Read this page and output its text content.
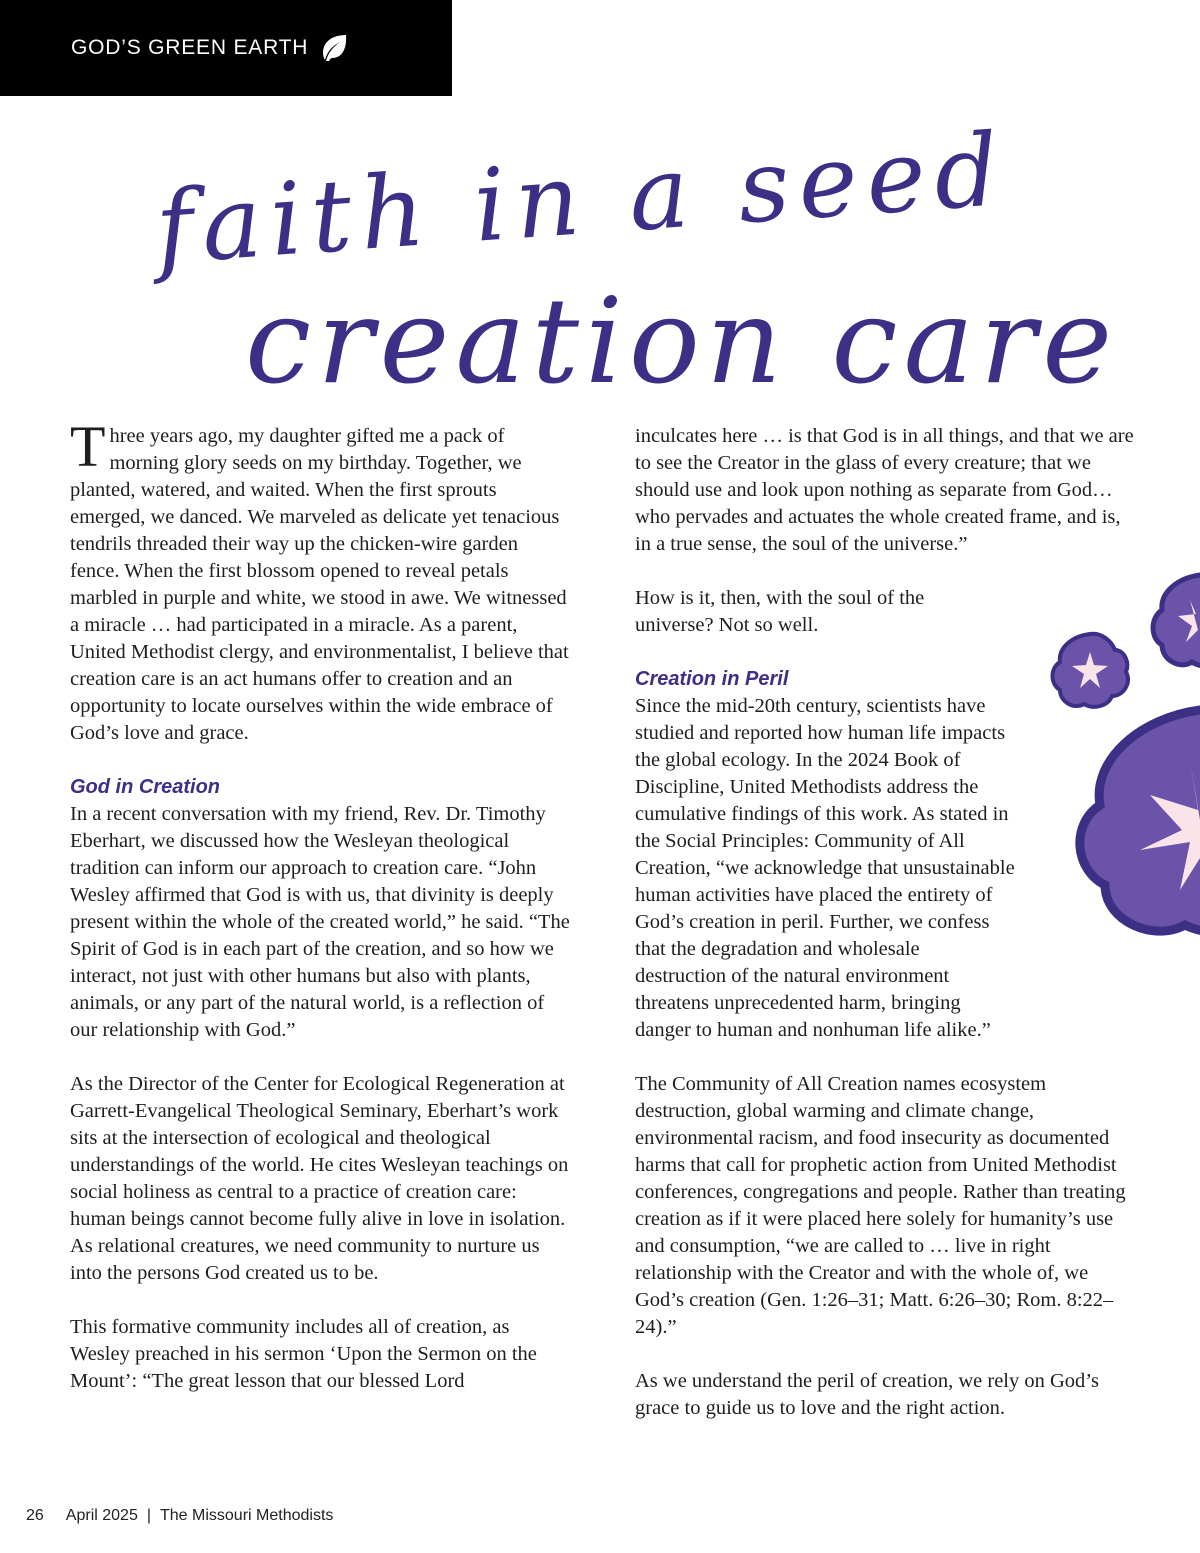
GOD’S GREEN EARTH
faith in a seed
creation care

Three years ago, my daughter gifted me a pack of morning glory seeds on my birthday. Together, we planted, watered, and waited. When the first sprouts emerged, we danced. We marveled as delicate yet tenacious tendrils threaded their way up the chicken-wire garden fence. When the first blossom opened to reveal petals marbled in purple and white, we stood in awe. We witnessed a miracle … had participated in a miracle. As a parent, United Methodist clergy, and environmentalist, I believe that creation care is an act humans offer to creation and an opportunity to locate ourselves within the wide embrace of God’s love and grace.

God in Creation

In a recent conversation with my friend, Rev. Dr. Timothy Eberhart, we discussed how the Wesleyan theological tradition can inform our approach to creation care. “John Wesley affirmed that God is with us, that divinity is deeply present within the whole of the created world,” he said. “The Spirit of God is in each part of the creation, and so how we interact, not just with other humans but also with plants, animals, or any part of the natural world, is a reflection of our relationship with God.”

As the Director of the Center for Ecological Regeneration at Garrett-Evangelical Theological Seminary, Eberhart’s work sits at the intersection of ecological and theological understandings of the world. He cites Wesleyan teachings on social holiness as central to a practice of creation care: human beings cannot become fully alive in love in isolation. As relational creatures, we need community to nurture us into the persons God created us to be.

This formative community includes all of creation, as Wesley preached in his sermon ‘Upon the Sermon on the Mount’: “The great lesson that our blessed Lord

inculcates here … is that God is in all things, and that we are to see the Creator in the glass of every creature; that we should use and look upon nothing as separate from God…who pervades and actuates the whole created frame, and is, in a true sense, the soul of the universe.”

How is it, then, with the soul of the universe? Not so well.

Creation in Peril

Since the mid-20th century, scientists have studied and reported how human life impacts the global ecology. In the 2024 Book of Discipline, United Methodists address the cumulative findings of this work. As stated in the Social Principles: Community of All Creation, “we acknowledge that unsustainable human activities have placed the entirety of God’s creation in peril. Further, we confess that the degradation and wholesale destruction of the natural environment threatens unprecedented harm, bringing danger to human and nonhuman life alike.”

The Community of All Creation names ecosystem destruction, global warming and climate change, environmental racism, and food insecurity as documented harms that call for prophetic action from United Methodist conferences, congregations and people. Rather than treating creation as if it were placed here solely for humanity’s use and consumption, “we are called to … live in right relationship with the Creator and with the whole of, we God’s creation (Gen. 1:26–31; Matt. 6:26–30; Rom. 8:22–24).”

As we understand the peril of creation, we rely on God’s grace to guide us to love and the right action.

26 April 2025 | The Missouri Methodists
